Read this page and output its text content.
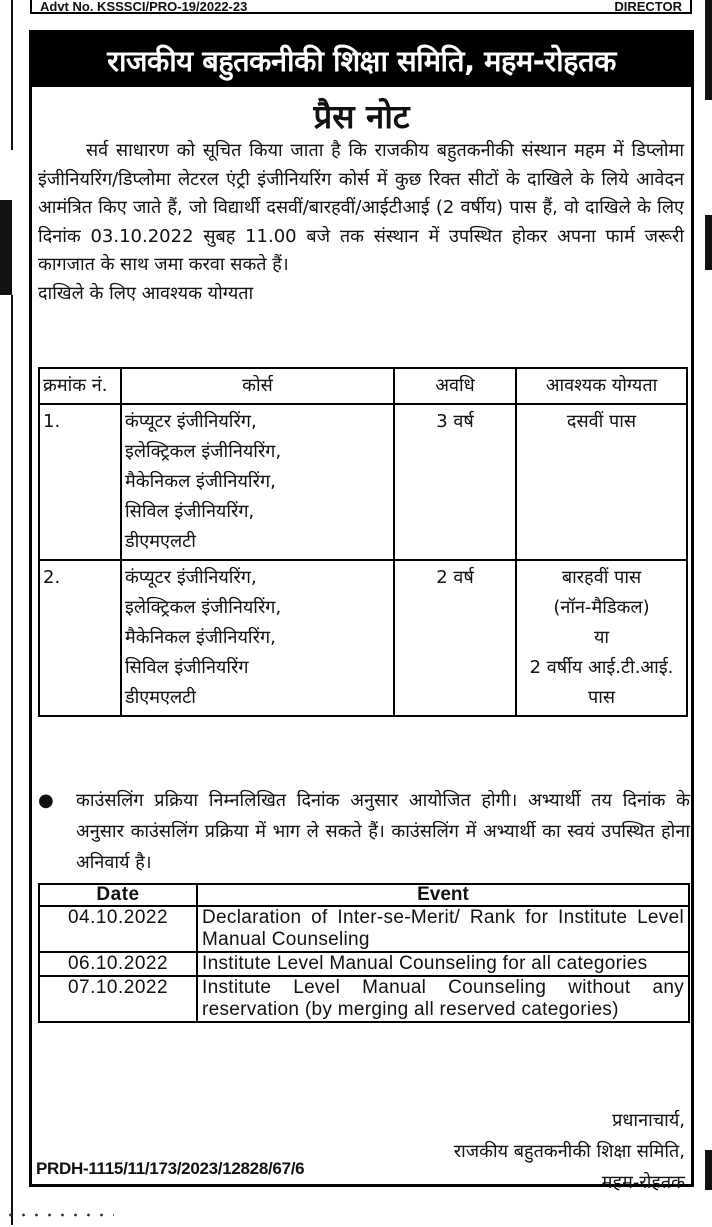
Advt No. KSSSCI/PRO-19/2022-23	DIRECTOR
राजकीय बहुतकनीकी शिक्षा समिति, महम-रोहतक
प्रैस नोट
सर्व साधारण को सूचित किया जाता है कि राजकीय बहुतकनीकी संस्थान महम में डिप्लोमा इंजीनियरिंग/डिप्लोमा लेटरल एंट्री इंजीनियरिंग कोर्स में कुछ रिक्त सीटों के दाखिले के लिये आवेदन आमंत्रित किए जाते हैं, जो विद्यार्थी दसवीं/बारहवीं/आईटीआई (2 वर्षीय) पास हैं, वो दाखिले के लिए दिनांक 03.10.2022 सुबह 11.00 बजे तक संस्थान में उपस्थित होकर अपना फार्म जरूरी कागजात के साथ जमा करवा सकते हैं।
दाखिले के लिए आवश्यक योग्यता
क्रमांक नं.	कोर्स	अवधि	आवश्यक योग्यता
1.	कंप्यूटर इंजीनियरिंग,
इलेक्ट्रिकल इंजीनियरिंग,
मैकेनिकल इंजीनियरिंग,
सिविल इंजीनियरिंग,
डीएमएलटी	3 वर्ष	दसवीं पास

2.	कंप्यूटर इंजीनियरिंग,
इलेक्ट्रिकल इंजीनियरिंग,
मैकेनिकल इंजीनियरिंग,
सिविल इंजीनियरिंग
डीएमएलटी	2 वर्ष	बारहवीं पास
(नॉन-मैडिकल)
या
2 वर्षीय आई.टी.आई.
पास
●	काउंसलिंग प्रक्रिया निम्नलिखित दिनांक अनुसार आयोजित होगी। अभ्यार्थी तय दिनांक के अनुसार काउंसलिंग प्रक्रिया में भाग ले सकते हैं। काउंसलिंग में अभ्यार्थी का स्वयं उपस्थित होना अनिवार्य है।
Date	Event
04.10.2022	Declaration of Inter-se-Merit/ Rank for Institute Level Manual Counseling
06.10.2022	Institute Level Manual Counseling for all categories
07.10.2022	Institute Level Manual Counseling without any reservation (by merging all reserved categories)
प्रधानाचार्य,
राजकीय बहुतकनीकी शिक्षा समिति,
महम-रोहतक
PRDH-1115/11/173/2023/12828/67/6
